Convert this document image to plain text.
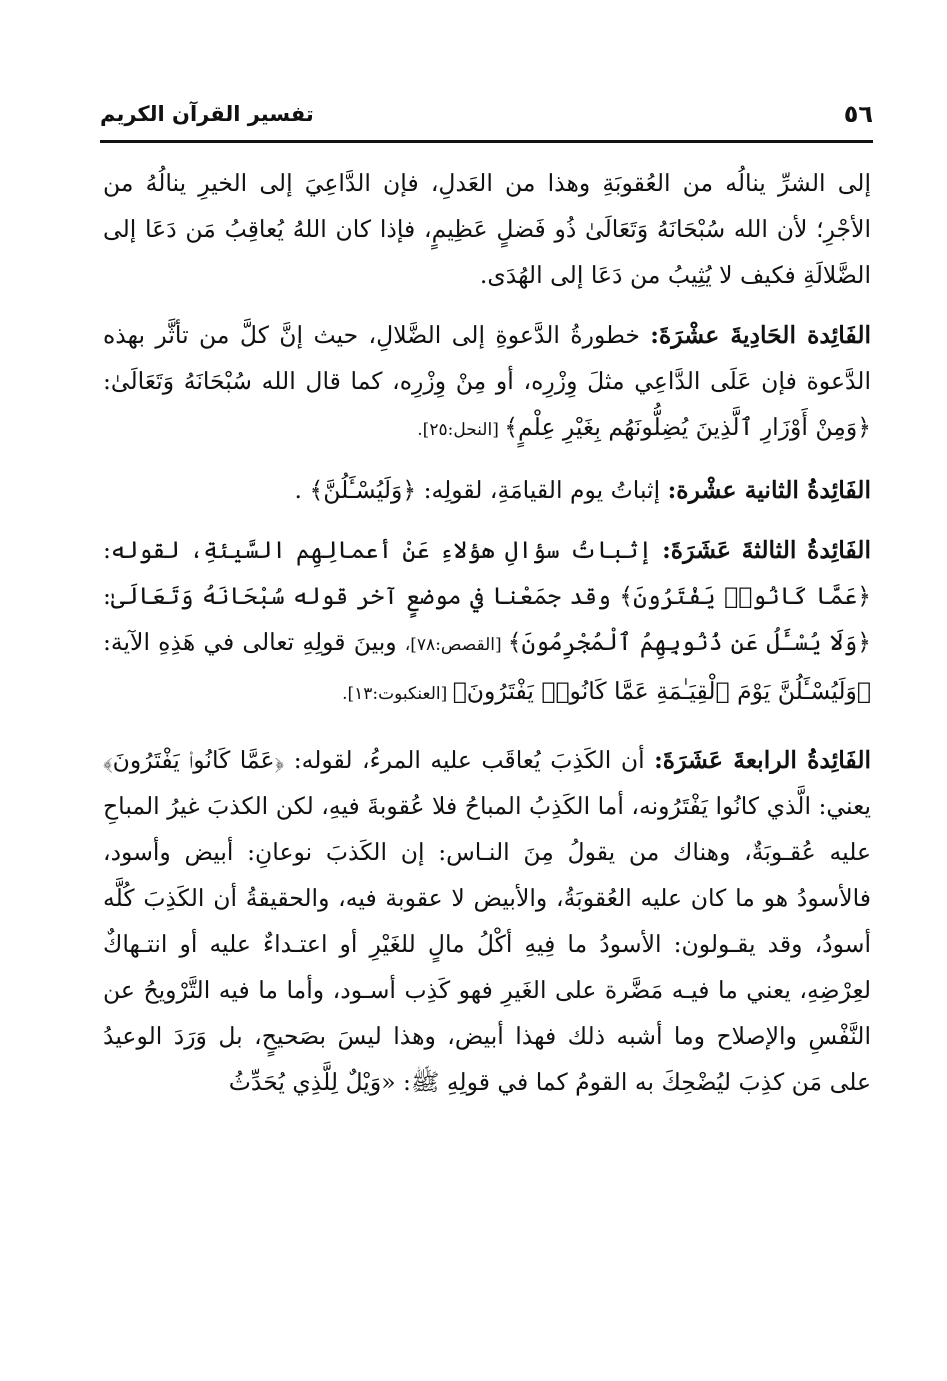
تفسير القرآن الكريم	٥٦

إلى الشرِّ ينالُه من العُقوبَةِ وهذا من العَدلِ، فإن الدَّاعِيَ إلى الخيرِ ينالُهُ من الأجْرِ؛ لأن الله سُبْحَانَهُ وَتَعَالَىٰ ذُو فَضلٍ عَظِيمٍ، فإذا كان اللهُ يُعاقِبُ مَن دَعَا إلى الضَّلالَةِ فكيف لا يُثِيبُ من دَعَا إلى الهُدَى.

الفَائِدة الحَادِيةَ عشْرَةَ: خطورةُ الدَّعوةِ إلى الضَّلالِ، حيث إنَّ كلَّ من تأثَّر بهذه الدَّعوة فإن عَلَى الدَّاعِي مثلَ وِزْرِه، أو مِنْ وِزْرِه، كما قال الله سُبْحَانَهُ وَتَعَالَىٰ: ﴿وَمِنْ أَوْزَارِ ٱلَّذِينَ يُضِلُّونَهُم بِغَيْرِ عِلْمٍ﴾ [النحل:٢٥].

الفَائِدةُ الثانية عشْرة: إثباتُ يوم القيامَةِ، لقولِه: ﴿وَلَيُسْـَٔلُنَّ﴾ .

الفَائِدةُ الثالثةَ عَشَرَةَ: إثباتُ سؤالِ هؤلاءِ عَنْ أعمالِهِم السَّيئةِ، لقوله: ﴿عَمَّا كَانُوا۟ يَفْتَرُونَ﴾ وقد جمَعْنا في موضعٍ آخر قوله سُبْحَانَهُ وَتَعَالَىٰ: ﴿وَلَا يُسْـَٔلُ عَن ذُنُوبِهِمُ ٱلْمُجْرِمُونَ﴾ [القصص:٧٨]، وبينَ قولِهِ تعالى في هَذِهِ الآية: ﴿وَلَيُسْـَٔلُنَّ يَوْمَ ٱلْقِيَـٰمَةِ عَمَّا كَانُوا۟ يَفْتَرُونَ﴾ [العنكبوت:١٣].

الفَائِدةُ الرابعةَ عَشَرَةَ: أن الكَذِبَ يُعاقَب عليه المرءُ، لقوله: ﴿عَمَّا كَانُوا۟ يَفْتَرُونَ﴾ يعني: الَّذي كانُوا يَفْتَرُونه، أما الكَذِبُ المباحُ فلا عُقوبةَ فيهِ، لكن الكذبَ غيرُ المباحِ عليه عُقـوبَةٌ، وهناك من يقولُ مِنَ النـاس: إن الكَذبَ نوعانِ: أبيض وأسود، فالأسودُ هو ما كان عليه العُقوبَةُ، والأبيض لا عقوبة فيه، والحقيقةُ أن الكَذِبَ كُلَّه أسودُ، وقد يقـولون: الأسودُ ما فِيهِ أكْلُ مالٍ للغَيْرِ أو اعتـداءٌ عليه أو انتـهاكٌ لعِرْضِهِ، يعني ما فيـه مَضَّرة على الغَيرِ فهو كَذِب أسـود، وأما ما فيه التَّرْويحُ عن النَّفْسِ والإصلاح وما أشبه ذلك فهذا أبيض، وهذا ليسَ بصَحيحٍ، بل وَرَدَ الوعيدُ على مَن كذِبَ ليُضْحِكَ به القومُ كما في قولِهِ ﷺ: «وَيْلٌ لِلَّذِي يُحَدِّثُ
